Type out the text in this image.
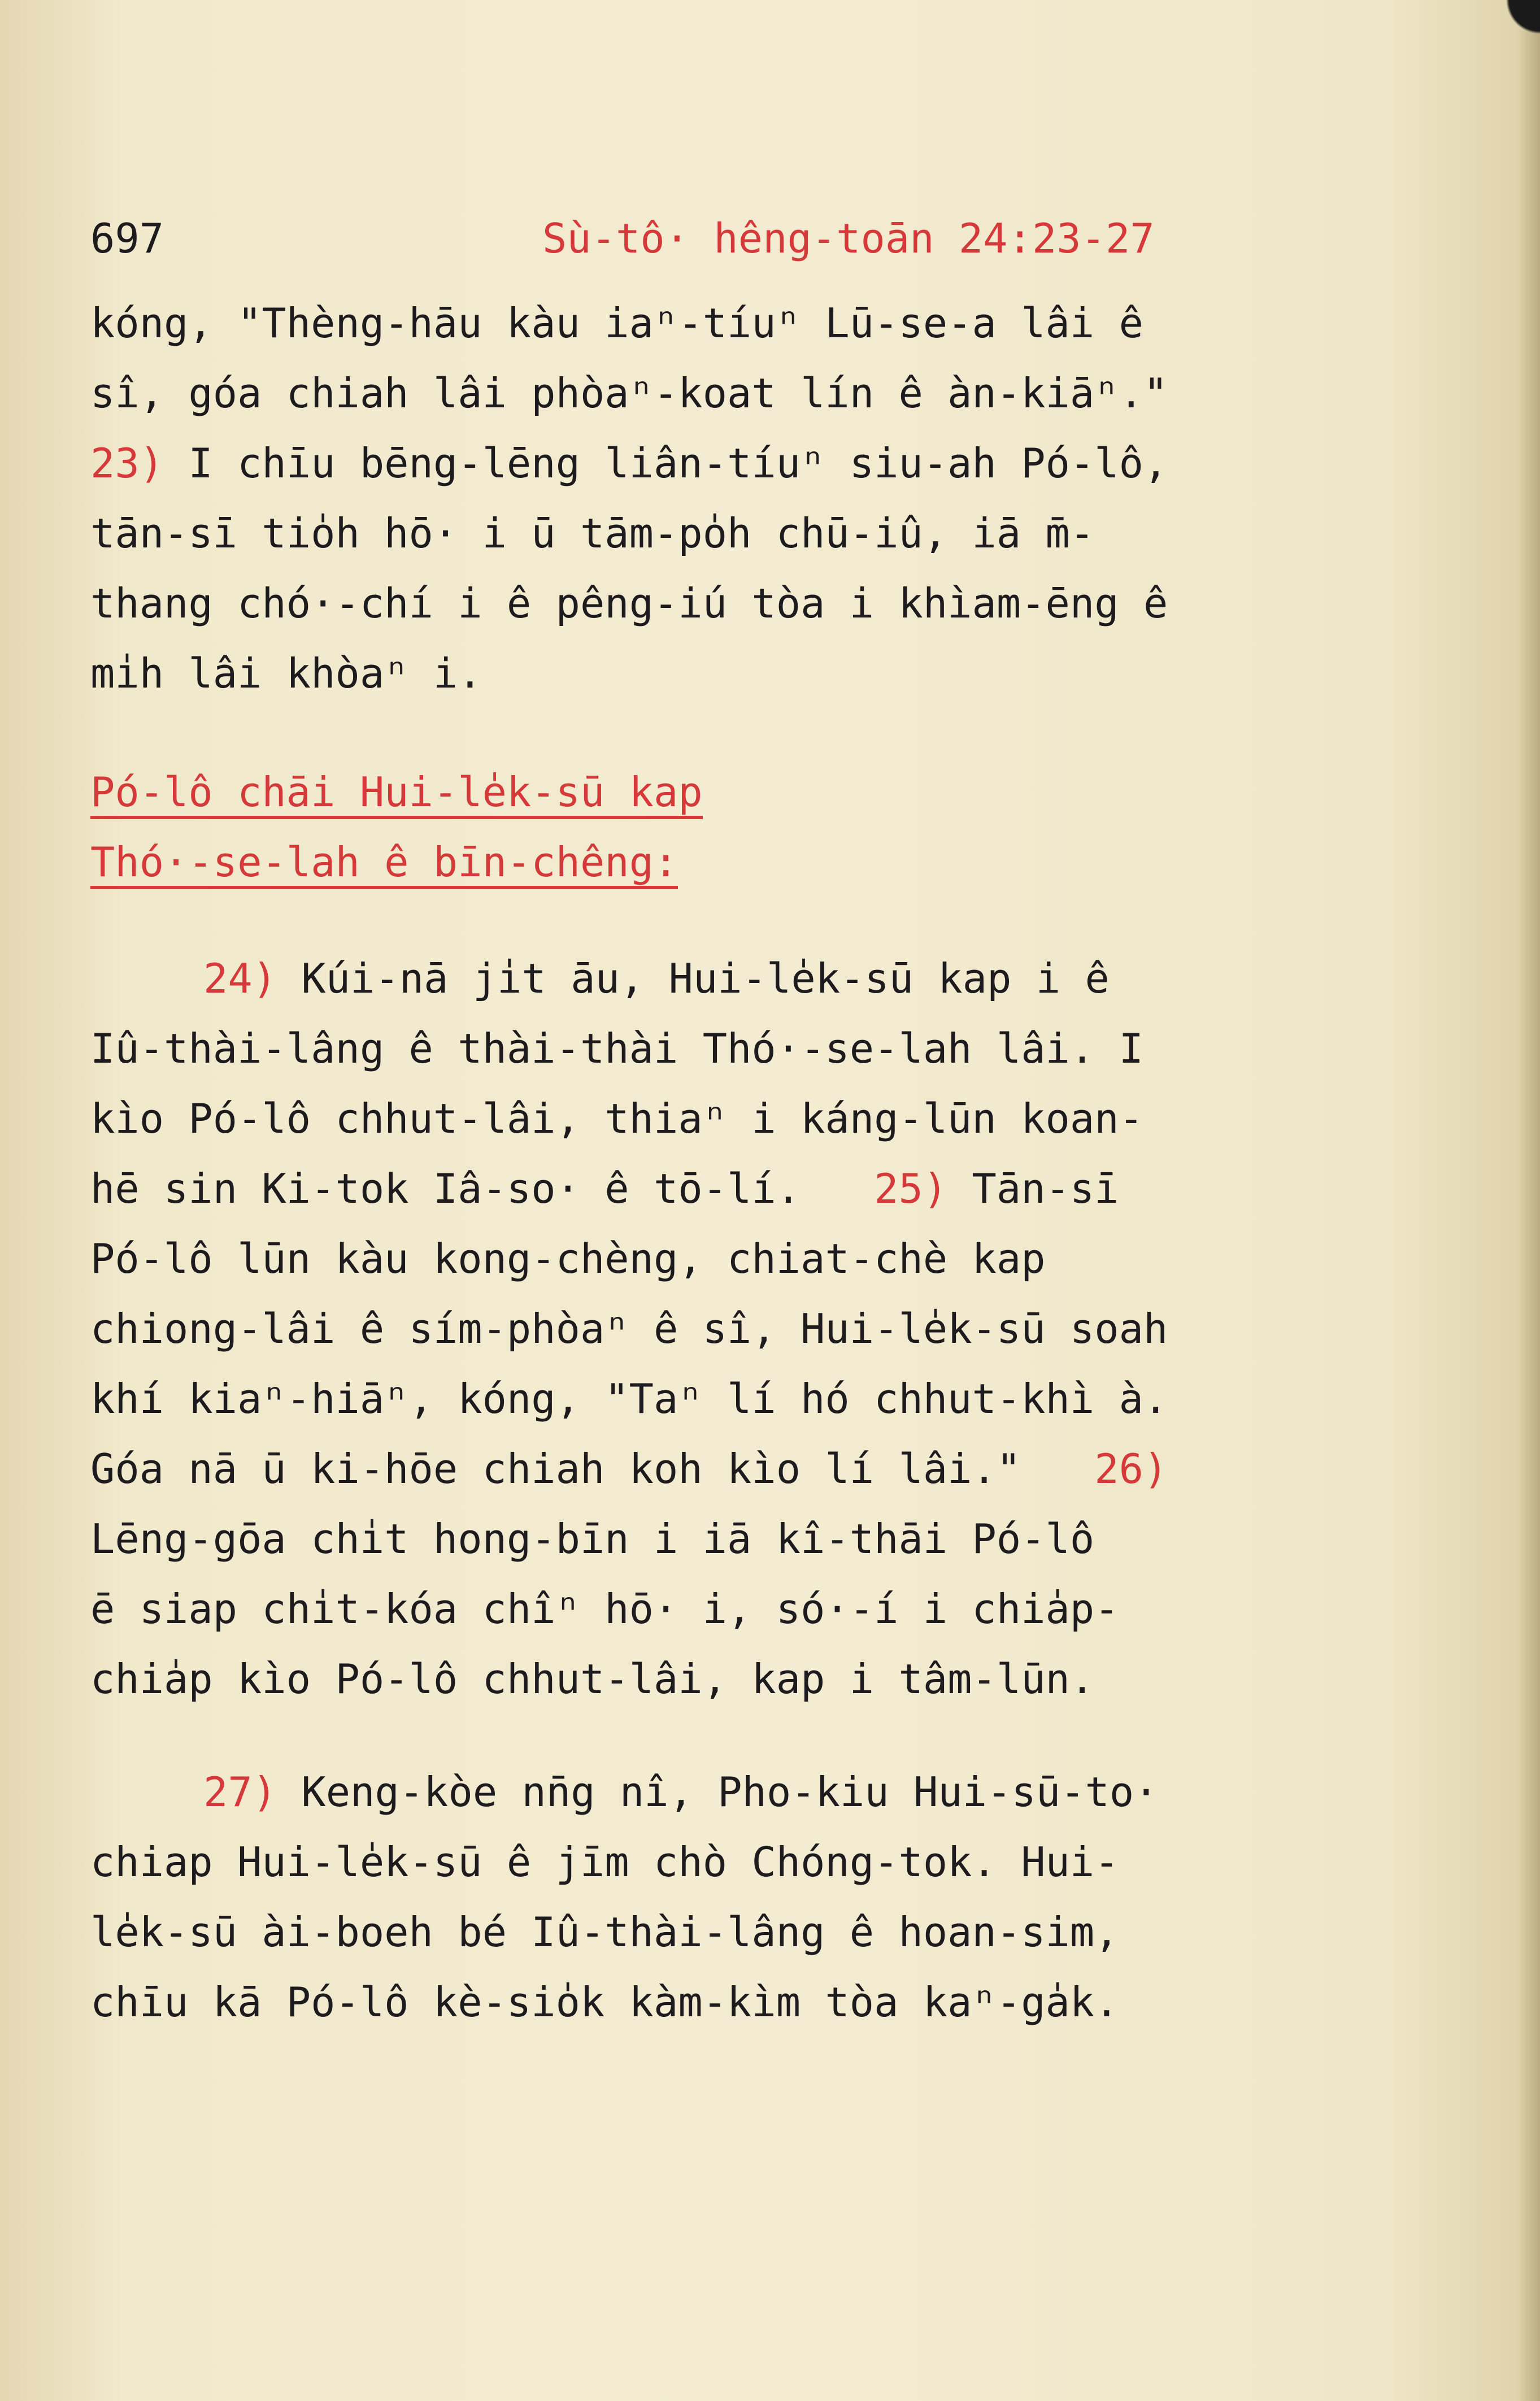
697	Sù-tô· hêng-toān 24:23-27
kóng, "Thèng-hāu kàu iaⁿ-tíuⁿ Lū-se-a lâi ê
sî, góa chiah lâi phòaⁿ-koat lín ê àn-kiāⁿ."
23) I chīu bēng-lēng liân-tíuⁿ siu-ah Pó-lô,
tān-sī tio̍h hō· i ū tām-po̍h chū-iû, iā m̄-
thang chó·-chí i ê pêng-iú tòa i khìam-ēng ê
mi̍h lâi khòaⁿ i.
Pó-lô chāi Hui-le̍k-sū kap
Thó·-se-lah ê bīn-chêng:
24) Kúi-nā ji̍t āu, Hui-le̍k-sū kap i ê
Iû-thài-lâng ê thài-thài Thó·-se-lah lâi. I
kìo Pó-lô chhut-lâi, thiaⁿ i káng-lūn koan-
hē sin Ki-tok Iâ-so· ê tō-lí. 25) Tān-sī
Pó-lô lūn kàu kong-chèng, chiat-chè kap
chiong-lâi ê sím-phòaⁿ ê sî, Hui-le̍k-sū soah
khí kiaⁿ-hiāⁿ, kóng, "Taⁿ lí hó chhut-khì à.
Góa nā ū ki-hōe chiah koh kìo lí lâi." 26)
Lēng-gōa chi̍t hong-bīn i iā kî-thāi Pó-lô
ē siap chi̍t-kóa chîⁿ hō· i, só·-í i chia̍p-
chia̍p kìo Pó-lô chhut-lâi, kap i tâm-lūn.
27) Keng-kòe nn̄g nî, Pho-kiu Hui-sū-to·
chiap Hui-le̍k-sū ê jīm chò Chóng-tok. Hui-
le̍k-sū ài-boeh bé Iû-thài-lâng ê hoan-sim,
chīu kā Pó-lô kè-sio̍k kàm-kìm tòa kaⁿ-ga̍k.
